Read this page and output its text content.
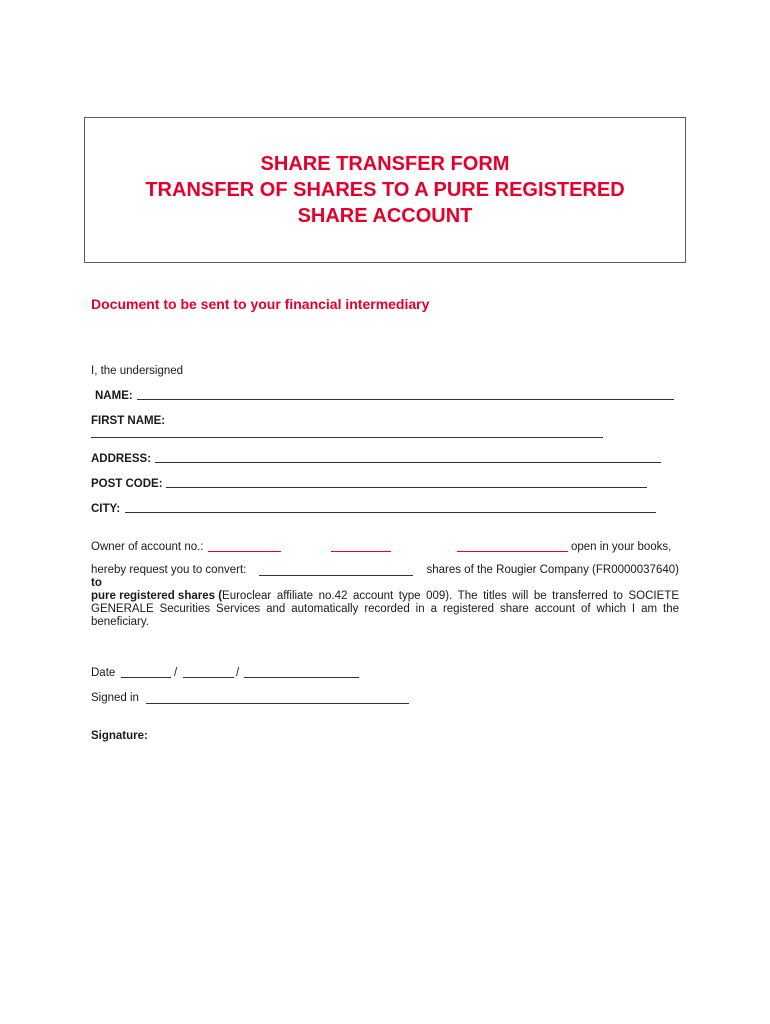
SHARE TRANSFER FORM
TRANSFER OF SHARES TO A PURE REGISTERED
SHARE ACCOUNT
Document to be sent to your financial intermediary
I, the undersigned
NAME:
FIRST NAME:
ADDRESS:
POST CODE:
CITY:
Owner of account no.:	open in your books,
hereby request you to convert:	shares of the Rougier Company (FR0000037640)
to
pure registered shares ( Euroclear affiliate no.42 account type 009). The titles will be transferred to SOCIETE
GENERALE Securities Services and automatically recorded in a registered share account of which I am the
beneficiary.
Date	/	/
Signed in
Signature:
